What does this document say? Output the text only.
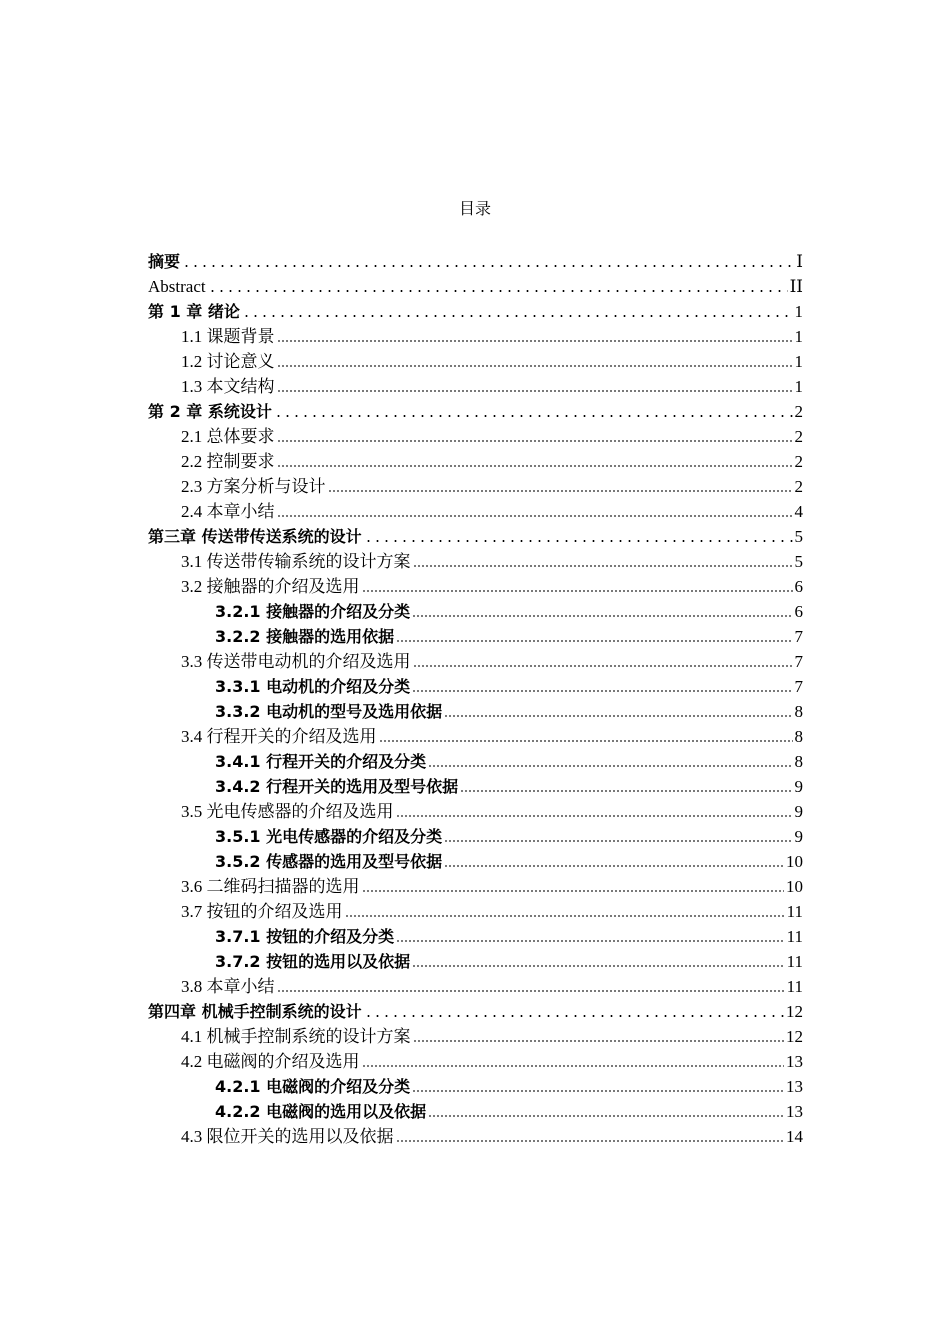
目录
摘要	Ⅰ
Abstract	ⅠⅠ
第 1 章 绪论	1
1.1 课题背景	1
1.2 讨论意义	1
1.3 本文结构	1
第 2 章 系统设计	2
2.1 总体要求	2
2.2 控制要求	2
2.3 方案分析与设计	2
2.4 本章小结	4
第三章 传送带传送系统的设计	5
3.1 传送带传输系统的设计方案	5
3.2 接触器的介绍及选用	6
3.2.1 接触器的介绍及分类	6
3.2.2 接触器的选用依据	7
3.3 传送带电动机的介绍及选用	7
3.3.1 电动机的介绍及分类	7
3.3.2 电动机的型号及选用依据	8
3.4 行程开关的介绍及选用	8
3.4.1 行程开关的介绍及分类	8
3.4.2 行程开关的选用及型号依据	9
3.5 光电传感器的介绍及选用	9
3.5.1 光电传感器的介绍及分类	9
3.5.2 传感器的选用及型号依据	10
3.6 二维码扫描器的选用	10
3.7 按钮的介绍及选用	11
3.7.1 按钮的介绍及分类	11
3.7.2 按钮的选用以及依据	11
3.8 本章小结	11
第四章 机械手控制系统的设计	12
4.1 机械手控制系统的设计方案	12
4.2 电磁阀的介绍及选用	13
4.2.1 电磁阀的介绍及分类	13
4.2.2 电磁阀的选用以及依据	13
4.3 限位开关的选用以及依据	14
